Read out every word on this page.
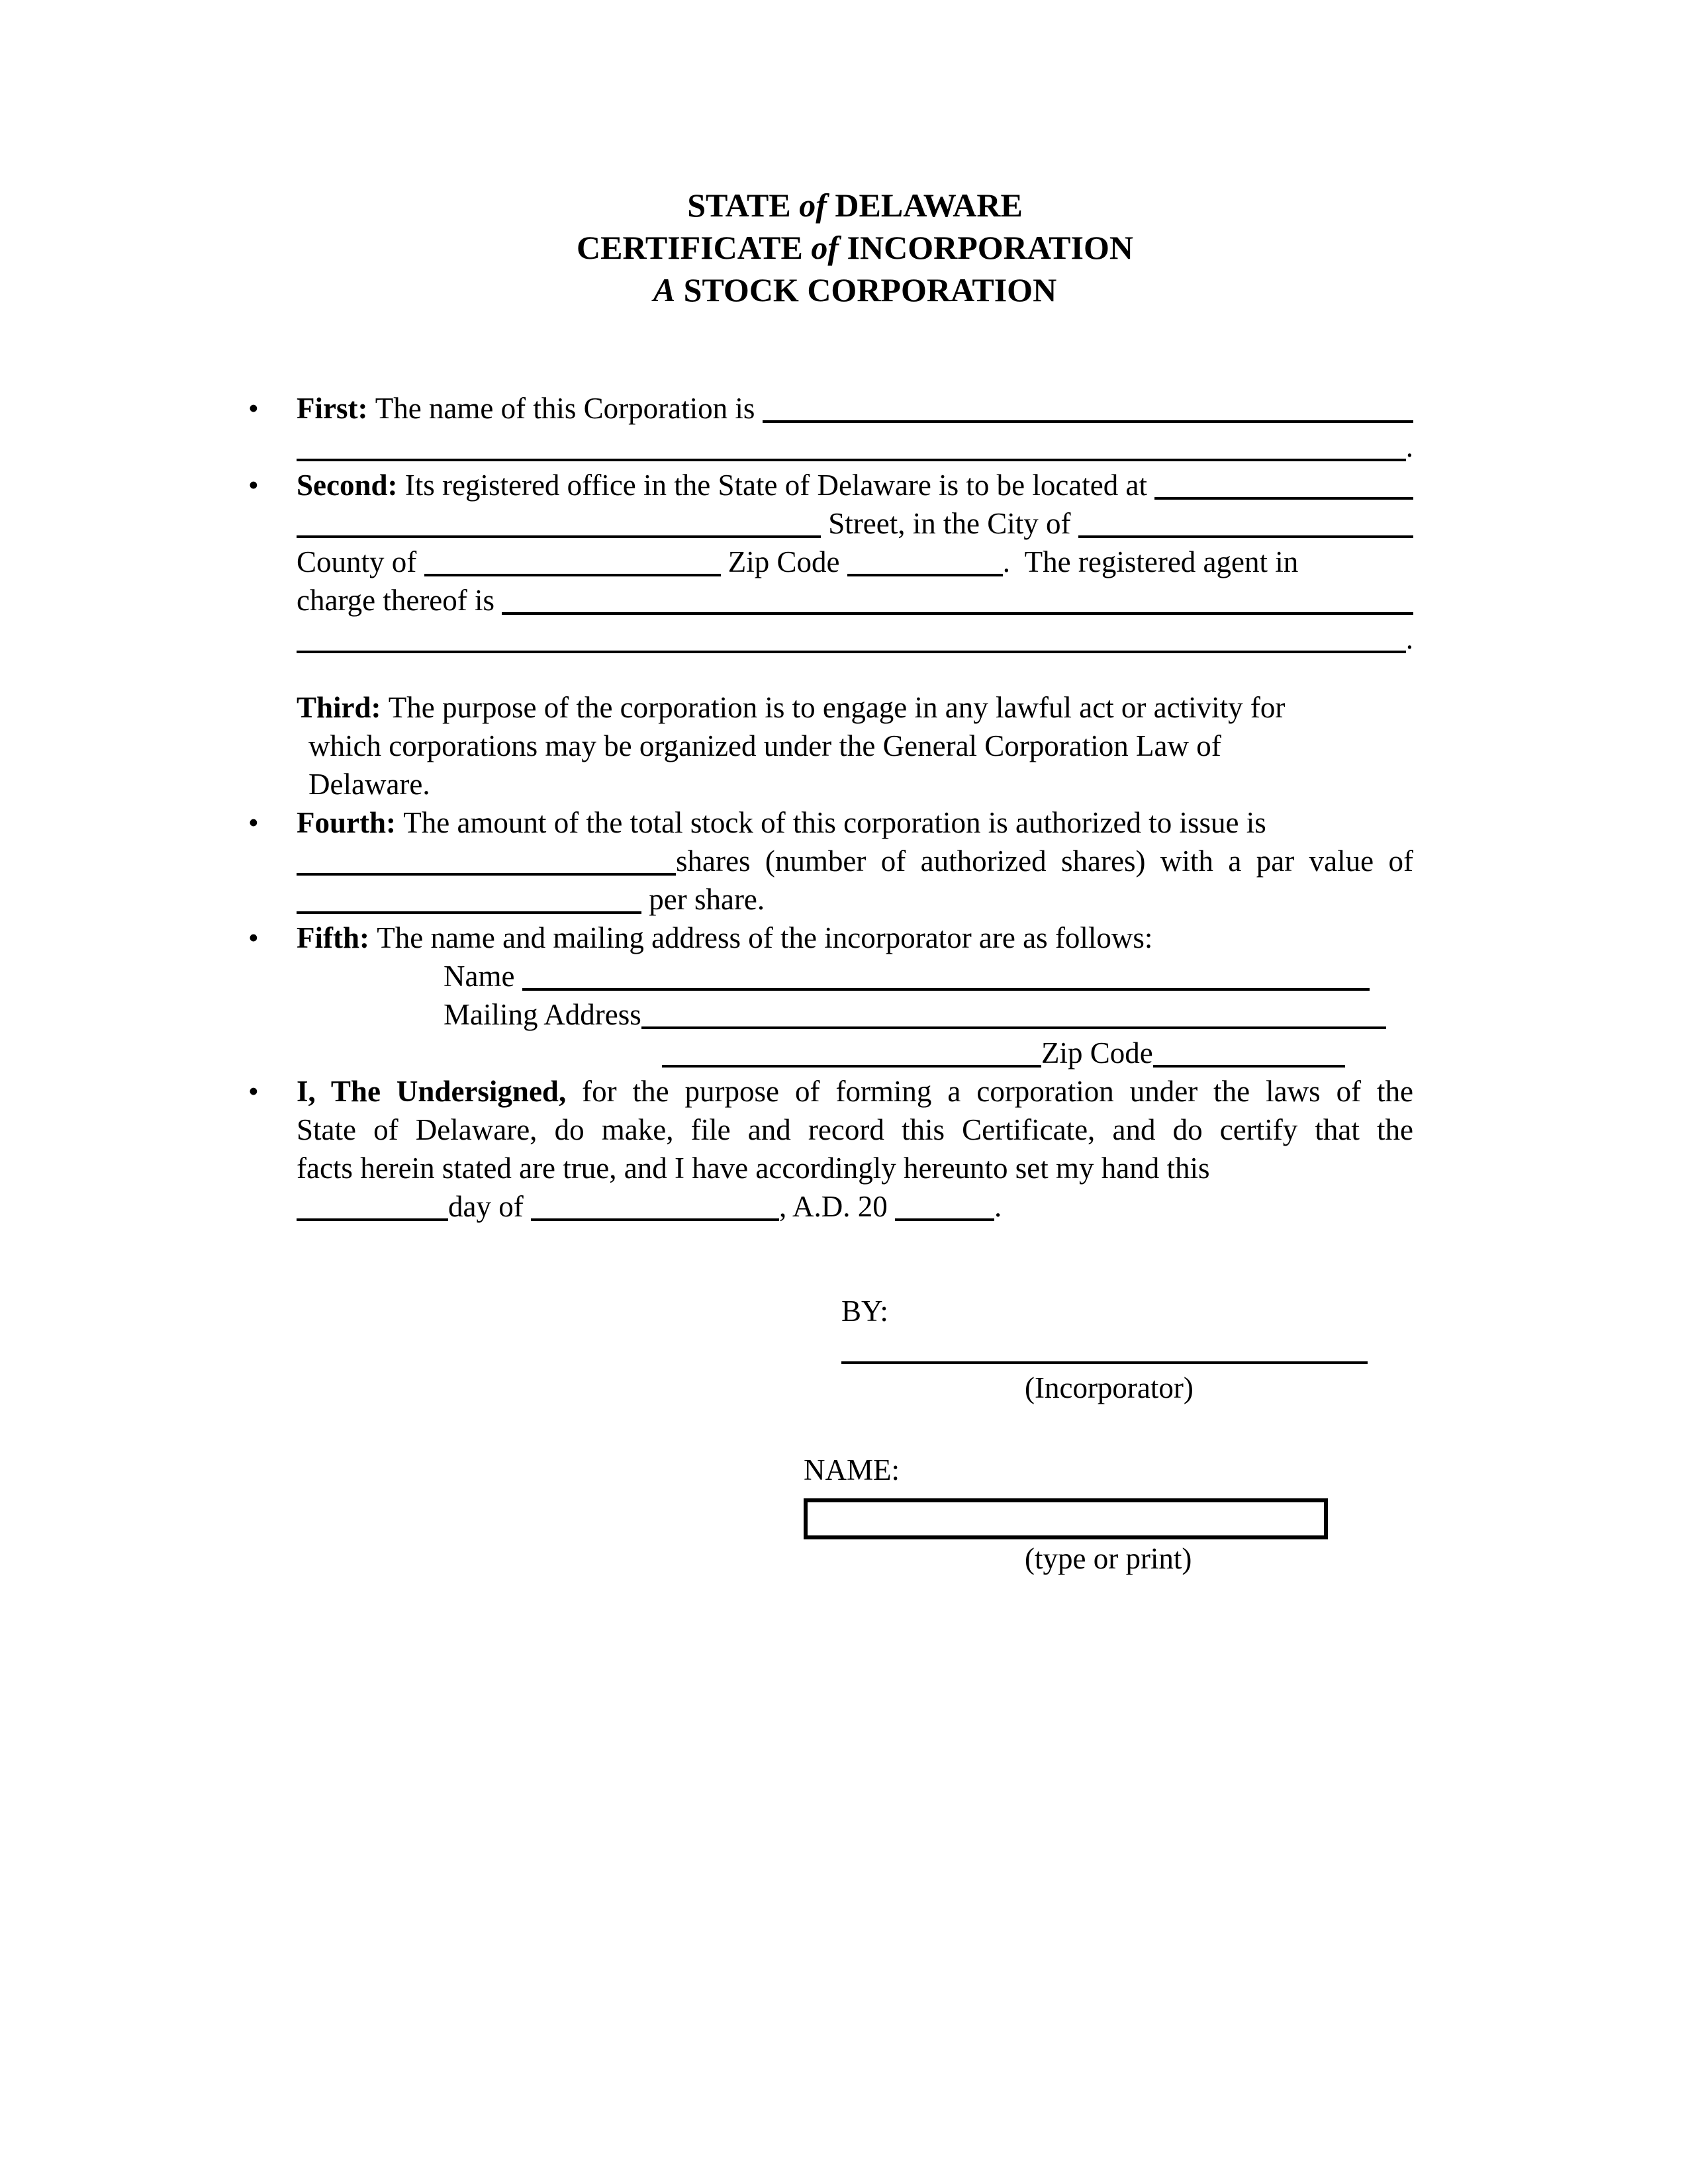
STATE of DELAWARE
CERTIFICATE of INCORPORATION
A STOCK CORPORATION
• First: The name of this Corporation is
.
• Second: Its registered office in the State of Delaware is to be located at
Street, in the City of
County of	Zip Code	.  The registered agent in
charge thereof is
.
Third: The purpose of the corporation is to engage in any lawful act or activity for
which corporations may be organized under the General Corporation Law of
Delaware.
• Fourth: The amount of the total stock of this corporation is authorized to issue is
shares (number of authorized shares) with a par value of
per share.
• Fifth: The name and mailing address of the incorporator are as follows:
Name
Mailing Address
Zip Code
• I, The Undersigned, for the purpose of forming a corporation under the laws of the
State of Delaware, do make, file and record this Certificate, and do certify that the
facts herein stated are true, and I have accordingly hereunto set my hand this
day of	, A.D. 20	.
BY:
(Incorporator)
NAME:
(type or print)
